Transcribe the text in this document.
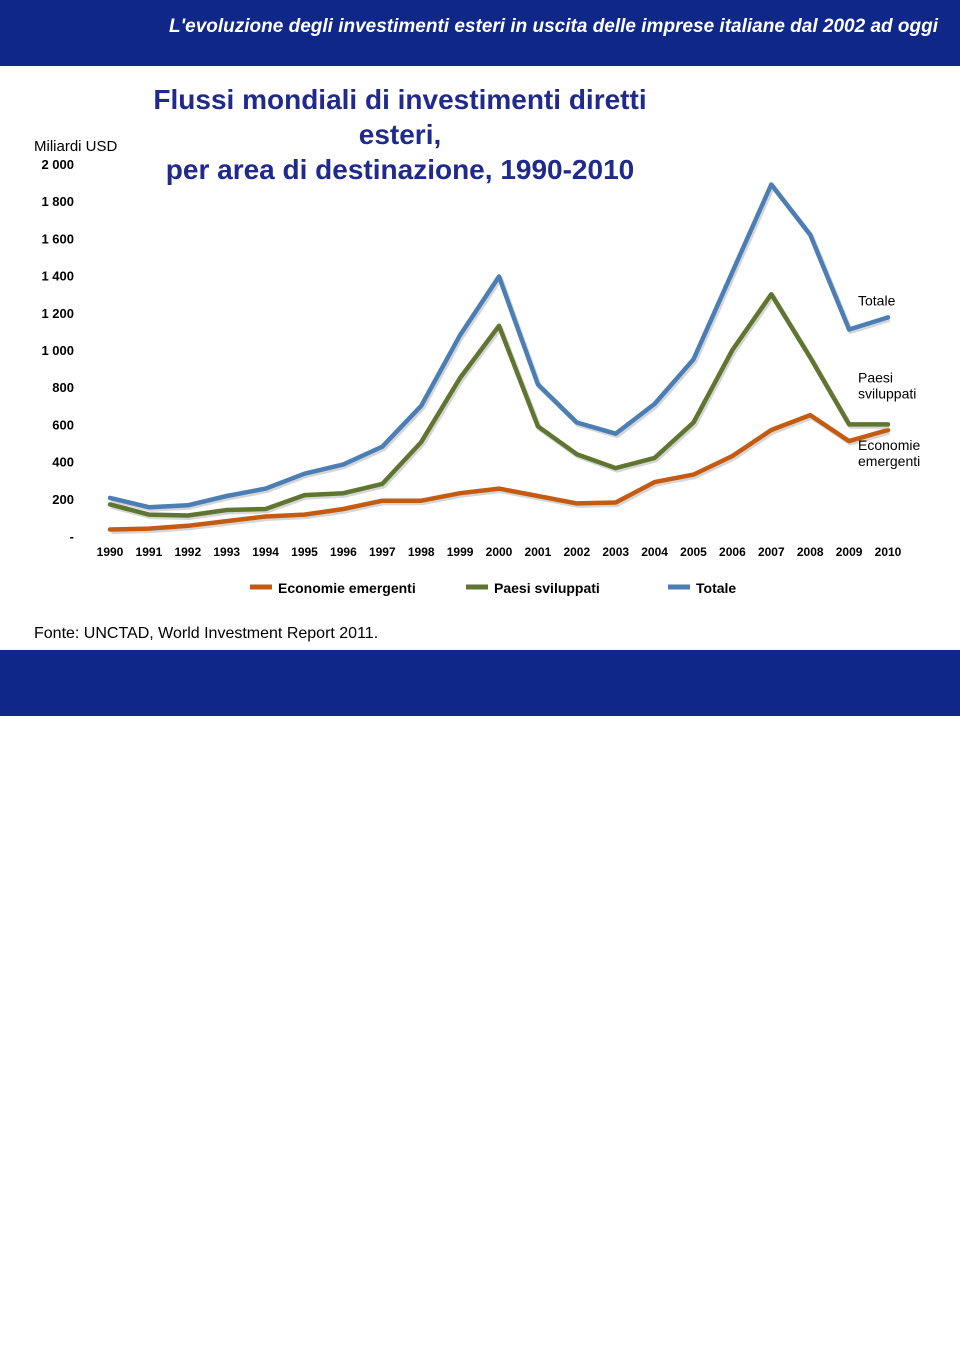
L'evoluzione degli investimenti esteri in uscita delle imprese italiane dal 2002 ad oggi
Flussi mondiali di investimenti diretti esteri,
per area di destinazione, 1990-2010
Miliardi USD
-
200
400
600
800
1 000
1 200
1 400
1 600
1 800
2 000
1990 1991 1992 1993 1994 1995 1996 1997 1998 1999 2000 2001 2002 2003 2004 2005 2006 2007 2008 2009 2010
Totale
Paesi
sviluppati
Economie
emergenti
Economie emergenti	Paesi sviluppati	Totale
Fonte: UNCTAD, World Investment Report 2011.
Le strategie di internazionalizzazione delle imprese di Milano e Torino
nei mercati in cambiamento – Milano, 22 novembre 2011
2
